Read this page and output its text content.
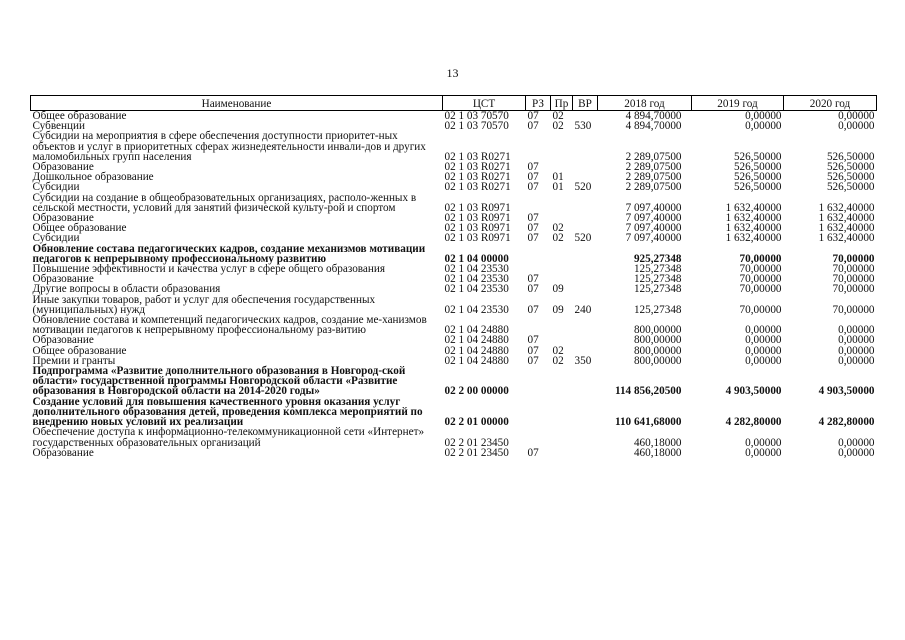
13
Наименование	ЦСТ	РЗ	Пр	ВР	2018 год	2019 год	2020 год
Общее образование	02 1 03 70570	07	02		4 894,70000	0,00000	0,00000
Субвенции	02 1 03 70570	07	02	530	4 894,70000	0,00000	0,00000
Субсидии на мероприятия в сфере обеспечения доступности приоритет-ных объектов и услуг в приоритетных сферах жизнедеятельности инвали-дов и других маломобильных групп населения	02 1 03 R0271				2 289,07500	526,50000	526,50000
Образование	02 1 03 R0271	07			2 289,07500	526,50000	526,50000
Дошкольное образование	02 1 03 R0271	07	01		2 289,07500	526,50000	526,50000
Субсидии	02 1 03 R0271	07	01	520	2 289,07500	526,50000	526,50000
Субсидии на создание в общеобразовательных организациях, располо-женных в сельской местности, условий для занятий физической культу-рой и спортом	02 1 03 R0971				7 097,40000	1 632,40000	1 632,40000
Образование	02 1 03 R0971	07			7 097,40000	1 632,40000	1 632,40000
Общее образование	02 1 03 R0971	07	02		7 097,40000	1 632,40000	1 632,40000
Субсидии	02 1 03 R0971	07	02	520	7 097,40000	1 632,40000	1 632,40000
Обновление состава педагогических кадров, создание механизмов мотивации педагогов к непрерывному профессиональному развитию	02 1 04 00000				925,27348	70,00000	70,00000
Повышение эффективности и качества услуг в сфере общего образования	02 1 04 23530				125,27348	70,00000	70,00000
Образование	02 1 04 23530	07			125,27348	70,00000	70,00000
Другие вопросы в области образования	02 1 04 23530	07	09		125,27348	70,00000	70,00000
Иные закупки товаров, работ и услуг для обеспечения государственных (муниципальных) нужд	02 1 04 23530	07	09	240	125,27348	70,00000	70,00000
Обновление состава и компетенций педагогических кадров, создание ме-ханизмов мотивации педагогов к непрерывному профессиональному раз-витию	02 1 04 24880				800,00000	0,00000	0,00000
Образование	02 1 04 24880	07			800,00000	0,00000	0,00000
Общее образование	02 1 04 24880	07	02		800,00000	0,00000	0,00000
Премии и гранты	02 1 04 24880	07	02	350	800,00000	0,00000	0,00000
Подпрограмма «Развитие дополнительного образования в Новгород-ской области» государственной программы Новгородской области «Развитие образования в Новгородской области на 2014-2020 годы»	02 2 00 00000				114 856,20500	4 903,50000	4 903,50000
Создание условий для повышения качественного уровня оказания услуг дополнительного образования детей, проведения комплекса мероприятий по внедрению новых условий их реализации	02 2 01 00000				110 641,68000	4 282,80000	4 282,80000
Обеспечение доступа к информационно-телекоммуникационной сети «Интернет» государственных образовательных организаций	02 2 01 23450				460,18000	0,00000	0,00000
Образование	02 2 01 23450	07			460,18000	0,00000	0,00000
